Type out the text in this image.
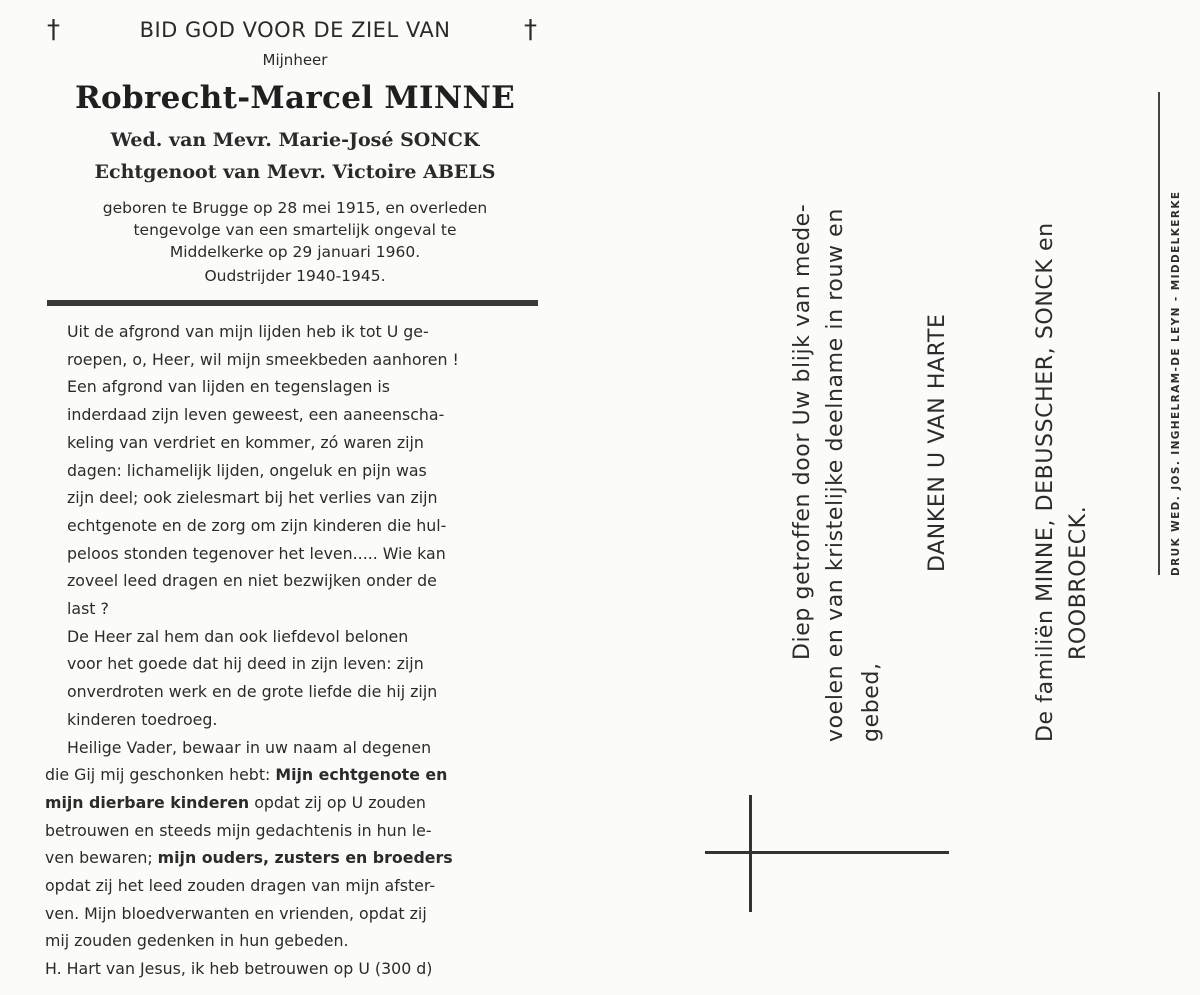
†	BID GOD VOOR DE ZIEL VAN	†
Mijnheer
Robrecht-Marcel MINNE
Wed. van Mevr. Marie-José SONCK
Echtgenoot van Mevr. Victoire ABELS
geboren te Brugge op 28 mei 1915, en overleden
tengevolge van een smartelijk ongeval te
Middelkerke op 29 januari 1960.
Oudstrijder 1940-1945.
Uit de afgrond van mijn lijden heb ik tot U ge-
roepen, o, Heer, wil mijn smeekbeden aanhoren !
Een afgrond van lijden en tegenslagen is
inderdaad zijn leven geweest, een aaneenscha-
keling van verdriet en kommer, zó waren zijn
dagen: lichamelijk lijden, ongeluk en pijn was
zijn deel; ook zielesmart bij het verlies van zijn
echtgenote en de zorg om zijn kinderen die hul-
peloos stonden tegenover het leven..... Wie kan
zoveel leed dragen en niet bezwijken onder de
last ?
De Heer zal hem dan ook liefdevol belonen
voor het goede dat hij deed in zijn leven: zijn
onverdroten werk en de grote liefde die hij zijn
kinderen toedroeg.
Heilige Vader, bewaar in uw naam al degenen
die Gij mij geschonken hebt: Mijn echtgenote en
mijn dierbare kinderen opdat zij op U zouden
betrouwen en steeds mijn gedachtenis in hun le-
ven bewaren; mijn ouders, zusters en broeders
opdat zij het leed zouden dragen van mijn afster-
ven. Mijn bloedverwanten en vrienden, opdat zij
mij zouden gedenken in hun gebeden.
H. Hart van Jesus, ik heb betrouwen op U (300 d)
Diep getroffen door Uw blijk van mede- voelen en van kristelijke deelname in rouw en gebed,
DANKEN U VAN HARTE	De familiën MINNE, DEBUSSCHER, SONCK en ROOBROECK.
DRUK WED. JOS. INGHELRAM-DE LEYN - MIDDELKERKE
